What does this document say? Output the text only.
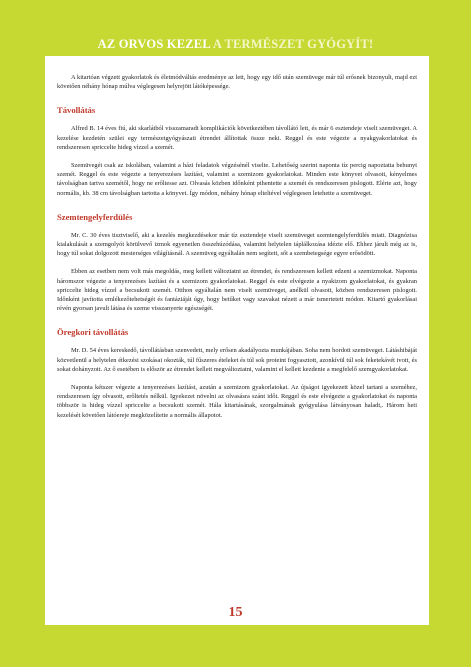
AZ ORVOS KEZEL A TERMÉSZET GYÓGYÍT!

A kitartóan végzett gyakorlatok és életmódváltás eredménye az lett, hogy egy idő után szemüvege már túl erősnek bizonyult, majd ezt követően néhány hónap múlva véglegesen helyrejött látóképessége.

Távollátás

Alfred B. 14 éves fiú, aki skarlátból visszamaradt komplikációk következtében távollátó lett, és már 6 esztendeje viselt szemüveget. A kezelése kezdetén szülei egy természetgyógyászati étrendet állítottak össze neki. Reggel és este végezte a nyakgyakorlatokat és rendszeresen spriccelte hideg vízzel a szemét.

Szemüvegét csak az iskolában, valamint a házi feladatok végzésénél viselte. Lehetőség szerint naponta tíz percig napoztatta behunyt szemét. Reggel és este végezte a tenyerezéses lazítást, valamint a szemizom gyakorlatokat. Minden este könyvet olvasott, kényelmes távolságban tartva szemétől, hogy ne erőltesse azt. Olvasás közben időnként pihentette a szemét és rendszeresen pislogott. Elérte azt, hogy normális, kb. 38 cm távolságban tartotta a könyvet. Így módon, néhány hónap elteltével véglegesen letehette a szemüveget.

Szemtengelyferdülés

Mr. C. 30 éves tisztviselő, aki a kezelés megkezdésekor már tíz esztendeje viselt szemüveget szemtengelyferdülés miatt. Diagnózisa kialakulását a szemgolyót körülvevő izmok egyenetlen összehúzódása, valamint helytelen táplálkozása idézte elő. Ehhez járult még az is, hogy túl sokat dolgozott mesterséges világításnál. A szemüveg egyáltalán nem segített, sőt a szembetegsége egyre erősödött.

Ebben az esetben nem volt más megoldás, meg kellett változtatni az étrendet, és rendszeresen kellett edzeni a szemizmokat. Naponta háromszor végezte a tenyerezéses lazítást és a szemizom gyakorlatokat. Reggel és este elvégezte a nyakizom gyakorlatokat, és gyakran spriccelte hideg vízzel a becsukott szemét. Otthon egyáltalán nem viselt szemüveget, anélkül olvasott, közben rendszeresen pislogott. Időnként javította emlékezőtehetségét és fantáziáját úgy, hogy betűket vagy szavakat nézett a már ismertetett módon. Kitartó gyakorlásai révén gyorsan javult látása és szeme visszanyerte egészségét.

Öregkori távollátás

Mr. D. 54 éves kereskedő, távollátásban szenvedett, mely erősen akadályozta munkájában. Soha nem hordott szemüveget. Látáshibáját közvetlenül a helytelen étkezési szokásai okozták, túl fűszeres ételeket és túl sok proteint fogyasztott, azonkívül túl sok feketekávét ivott, és sokat dohányzott. Az ő esetében is először az étrendet kellett megváltoztatni, valamint el kellett kezdenie a megfelelő szemgyakorlatokat.

Naponta kétszer végezte a tenyerezéses lazítást, azután a szemizom gyakorlatokat. Az újságot igyekezett közel tartani a szeméhez, rendszeresen így olvasott, erőltetés nélkül. Igyekezet növelni az olvasásra szánt időt. Reggel és este elvégezte a gyakorlatokat és naponta többször is hideg vízzel spriccelte a becsukott szemét. Hála kitartásának, szorgalmának gyógyulása látványosan haladt,. Három heti kezelését követően látóereje megközelítette a normális állapotot.

15
